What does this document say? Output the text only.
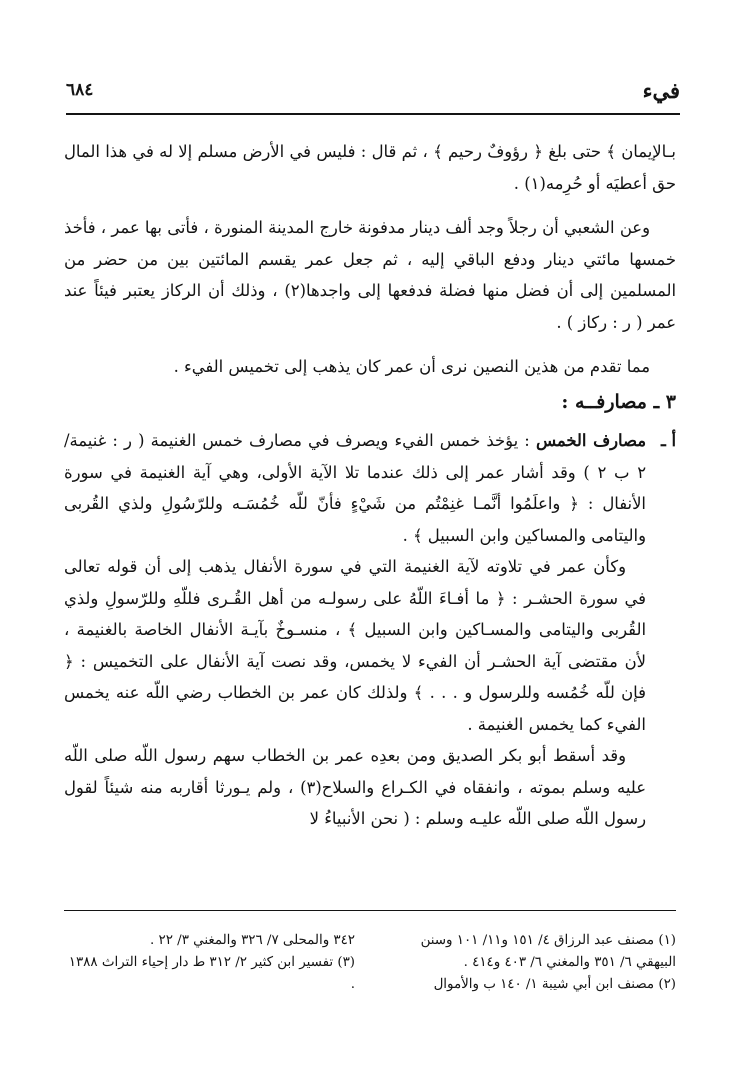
فيء
٦٨٤

بـالإيمان ﴾ حتى بلغ ﴿ رؤوفٌ رحيم ﴾ ، ثم قال : فليس في الأرض مسلم إلا له في هذا المال حق أعطيَه أو حُرِمه(١) .

وعن الشعبي أن رجلاً وجد ألف دينار مدفونة خارج المدينة المنورة ، فأتى بها عمر ، فأخذ خمسها مائتي دينار ودفع الباقي إليه ، ثم جعل عمر يقسم المائتين بين من حضر من المسلمين إلى أن فضل منها فضلة فدفعها إلى واجدها(٢) ، وذلك أن الركاز يعتبر فيئاً عند عمر ( ر : ركاز ) .

مما تقدم من هذين النصين نرى أن عمر كان يذهب إلى تخميس الفيء .

٣ ـ مصارفــه :

أ ـ
مصارف الخمس : يؤخذ خمس الفيء ويصرف في مصارف خمس الغنيمة ( ر : غنيمة/ ٢ ب ٢ ) وقد أشار عمر إلى ذلك عندما تلا الآية الأولى، وهي آية الغنيمة في سورة الأنفال : ﴿ واعلَمُوا أنَّمـا غنِمْتُم من شَيْءٍ فأنّ للّه خُمُسَـه وللرّسُولِ ولذي القُربى واليتامى والمساكين وابن السبيل ﴾ .

وكأن عمر في تلاوته لآية الغنيمة التي في سورة الأنفال يذهب إلى أن قوله تعالى في سورة الحشـر : ﴿ ما أفـاءَ اللّهُ على رسولـه من أهل القُـرى فللّهِ وللرّسولِ ولذي القُربى واليتامى والمسـاكين وابن السبيل ﴾ ، منسـوخٌ بآيـة الأنفال الخاصة بالغنيمة ، لأن مقتضى آية الحشـر أن الفيء لا يخمس، وقد نصت آية الأنفال على التخميس : ﴿ فإن للّه خُمُسه وللرسول و . . . ﴾ ولذلك كان عمر بن الخطاب رضي اللّه عنه يخمس الفيء كما يخمس الغنيمة .

وقد أسقط أبو بكر الصديق ومن بعدِه عمر بن الخطاب سهم رسول اللّه صلى اللّه عليه وسلم بموته ، وانفقاه في الكـراع والسلاح(٣) ، ولم يـورثا أقاربه منه شيئاً لقول رسول اللّه صلى اللّه عليـه وسلم : ( نحن الأنبياءُ لا

(١) مصنف عبد الرزاق ٤/ ١٥١ و١١/ ١٠١ وسنن البيهقي ٦/ ٣٥١ والمغني ٦/ ٤٠٣ و٤١٤ .

(٢) مصنف ابن أبي شيبة ١/ ١٤٠ ب والأموال

٣٤٢ والمحلى ٧/ ٣٢٦ والمغني ٣/ ٢٢ .

(٣) تفسير ابن كثير ٢/ ٣١٢ ط دار إحياء التراث ١٣٨٨ .
